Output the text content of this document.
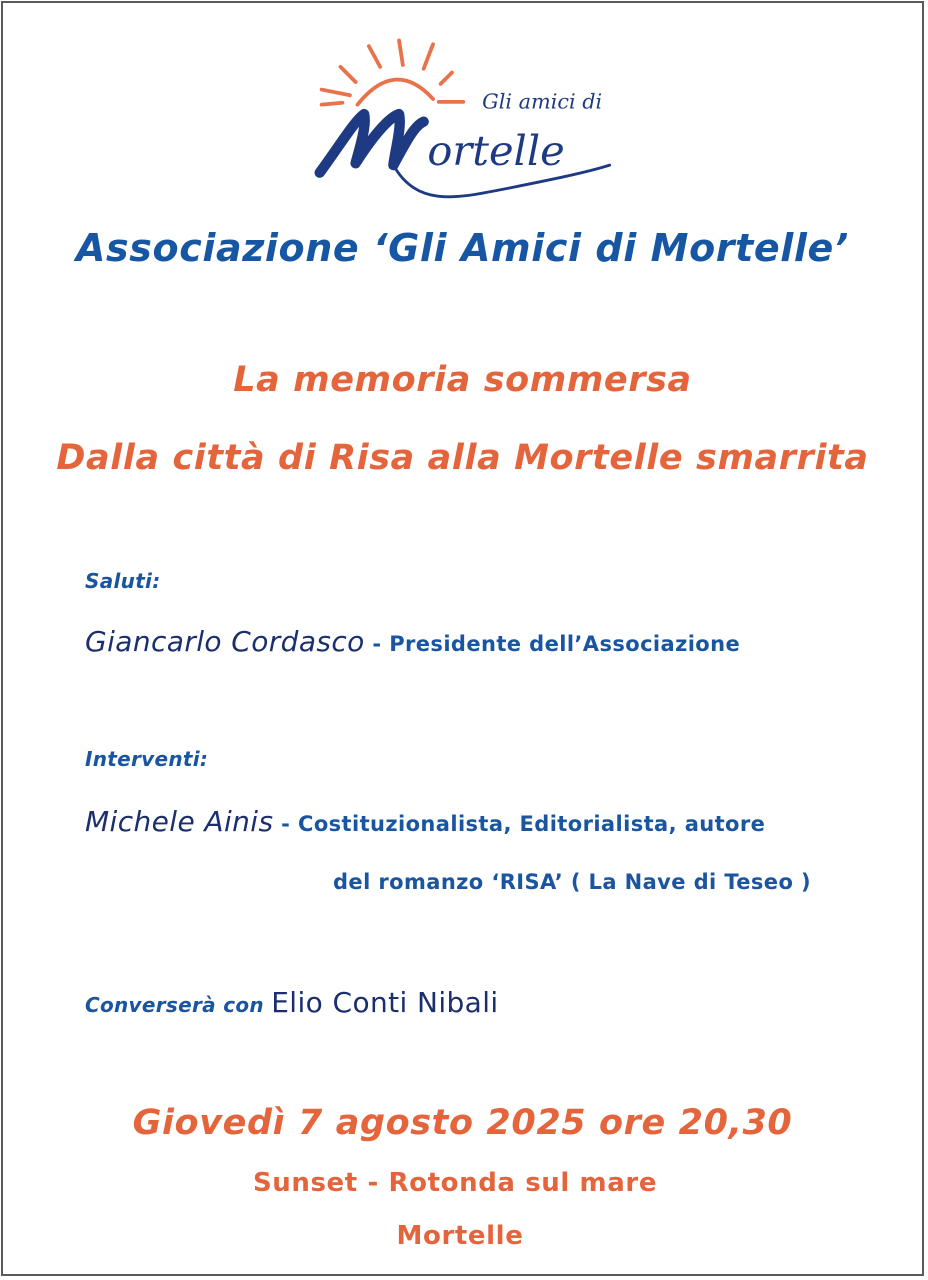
Gli amici di
ortelle
Associazione ‘Gli Amici di Mortelle’
La memoria sommersa
Dalla città di Risa alla Mortelle smarrita
Saluti:
Giancarlo Cordasco - Presidente dell’Associazione
Interventi:
Michele Ainis - Costituzionalista, Editorialista, autore
del romanzo ‘RISA’ ( La Nave di Teseo )
Converserà con Elio Conti Nibali
Giovedì 7 agosto 2025 ore 20,30
Sunset - Rotonda sul mare
Mortelle
